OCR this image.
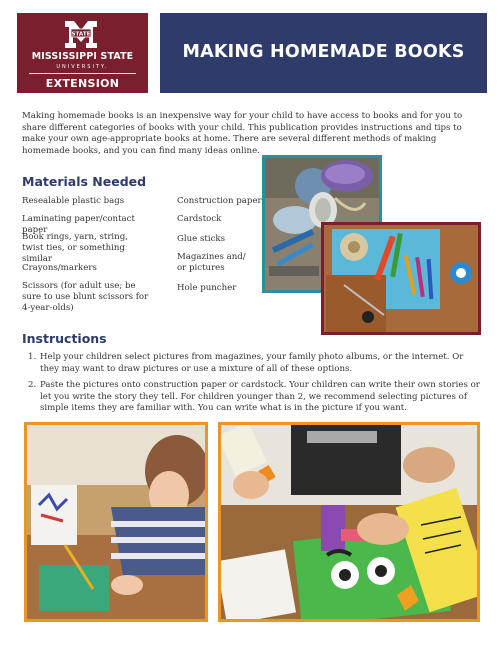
STATE
MISSISSIPPI STATE
UNIVERSITY.
EXTENSION
MAKING HOMEMADE BOOKS

Making homemade books is an inexpensive way for your child to have access to books and for you to share different categories of books with your child. This publication provides instructions and tips to make your own age-appropriate books at home. There are several different methods of making homemade books, and you can find many ideas online.

Materials Needed
Resealable plastic bags
Laminating paper/contact paper
Book rings, yarn, string, twist ties, or something similar
Crayons/markers
Scissors (for adult use; be sure to use blunt scissors for 4-year-olds)
Construction paper
Cardstock
Glue sticks
Magazines and/ or pictures
Hole puncher
Instructions
1. Help your children select pictures from magazines, your family photo albums, or the internet. Or they may want to draw pictures or use a mixture of all of these options.
2. Paste the pictures onto construction paper or cardstock. Your children can write their own stories or let you write the story they tell. For children younger than 2, we recommend selecting pictures of simple items they are familiar with. You can write what is in the picture if you want.
